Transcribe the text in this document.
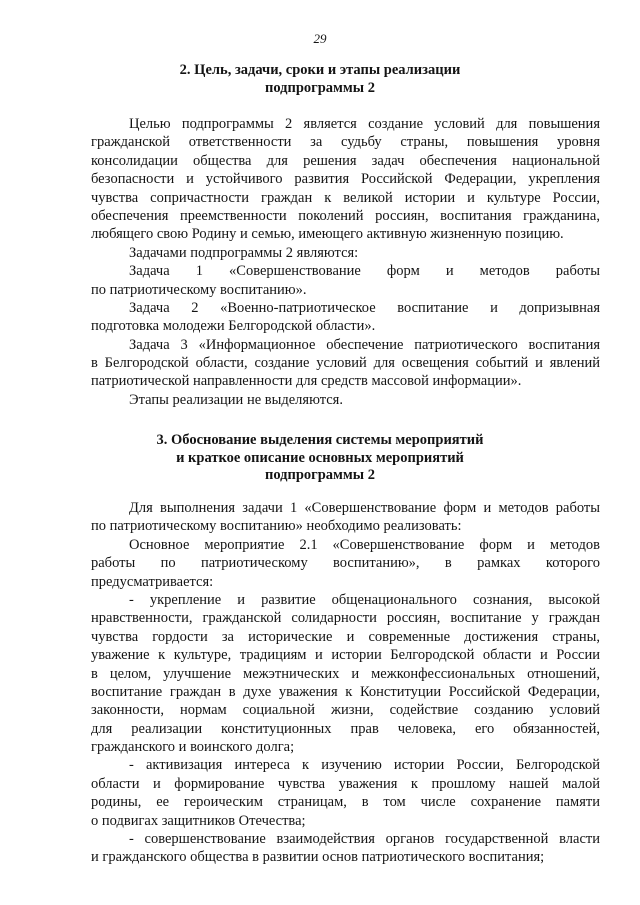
29
2. Цель, задачи, сроки и этапы реализации
подпрограммы 2
Целью подпрограммы 2 является создание условий для повышения
гражданской ответственности за судьбу страны, повышения уровня
консолидации общества для решения задач обеспечения национальной
безопасности и устойчивого развития Российской Федерации, укрепления
чувства сопричастности граждан к великой истории и культуре России,
обеспечения преемственности поколений россиян, воспитания гражданина,
любящего свою Родину и семью, имеющего активную жизненную позицию.
Задачами подпрограммы 2 являются:
Задача 1 «Совершенствование форм и методов работы
по патриотическому воспитанию».
Задача 2 «Военно-патриотическое воспитание и допризывная
подготовка молодежи Белгородской области».
Задача 3 «Информационное обеспечение патриотического воспитания
в Белгородской области, создание условий для освещения событий и явлений
патриотической направленности для средств массовой информации».
Этапы реализации не выделяются.
3. Обоснование выделения системы мероприятий
и краткое описание основных мероприятий
подпрограммы 2
Для выполнения задачи 1 «Совершенствование форм и методов работы
по патриотическому воспитанию» необходимо реализовать:
Основное мероприятие 2.1 «Совершенствование форм и методов
работы по патриотическому воспитанию», в рамках которого
предусматривается:
- укрепление и развитие общенационального сознания, высокой
нравственности, гражданской солидарности россиян, воспитание у граждан
чувства гордости за исторические и современные достижения страны,
уважение к культуре, традициям и истории Белгородской области и России
в целом, улучшение межэтнических и межконфессиональных отношений,
воспитание граждан в духе уважения к Конституции Российской Федерации,
законности, нормам социальной жизни, содействие созданию условий
для реализации конституционных прав человека, его обязанностей,
гражданского и воинского долга;
- активизация интереса к изучению истории России, Белгородской
области и формирование чувства уважения к прошлому нашей малой
родины, ее героическим страницам, в том числе сохранение памяти
о подвигах защитников Отечества;
- совершенствование взаимодействия органов государственной власти
и гражданского общества в развитии основ патриотического воспитания;
